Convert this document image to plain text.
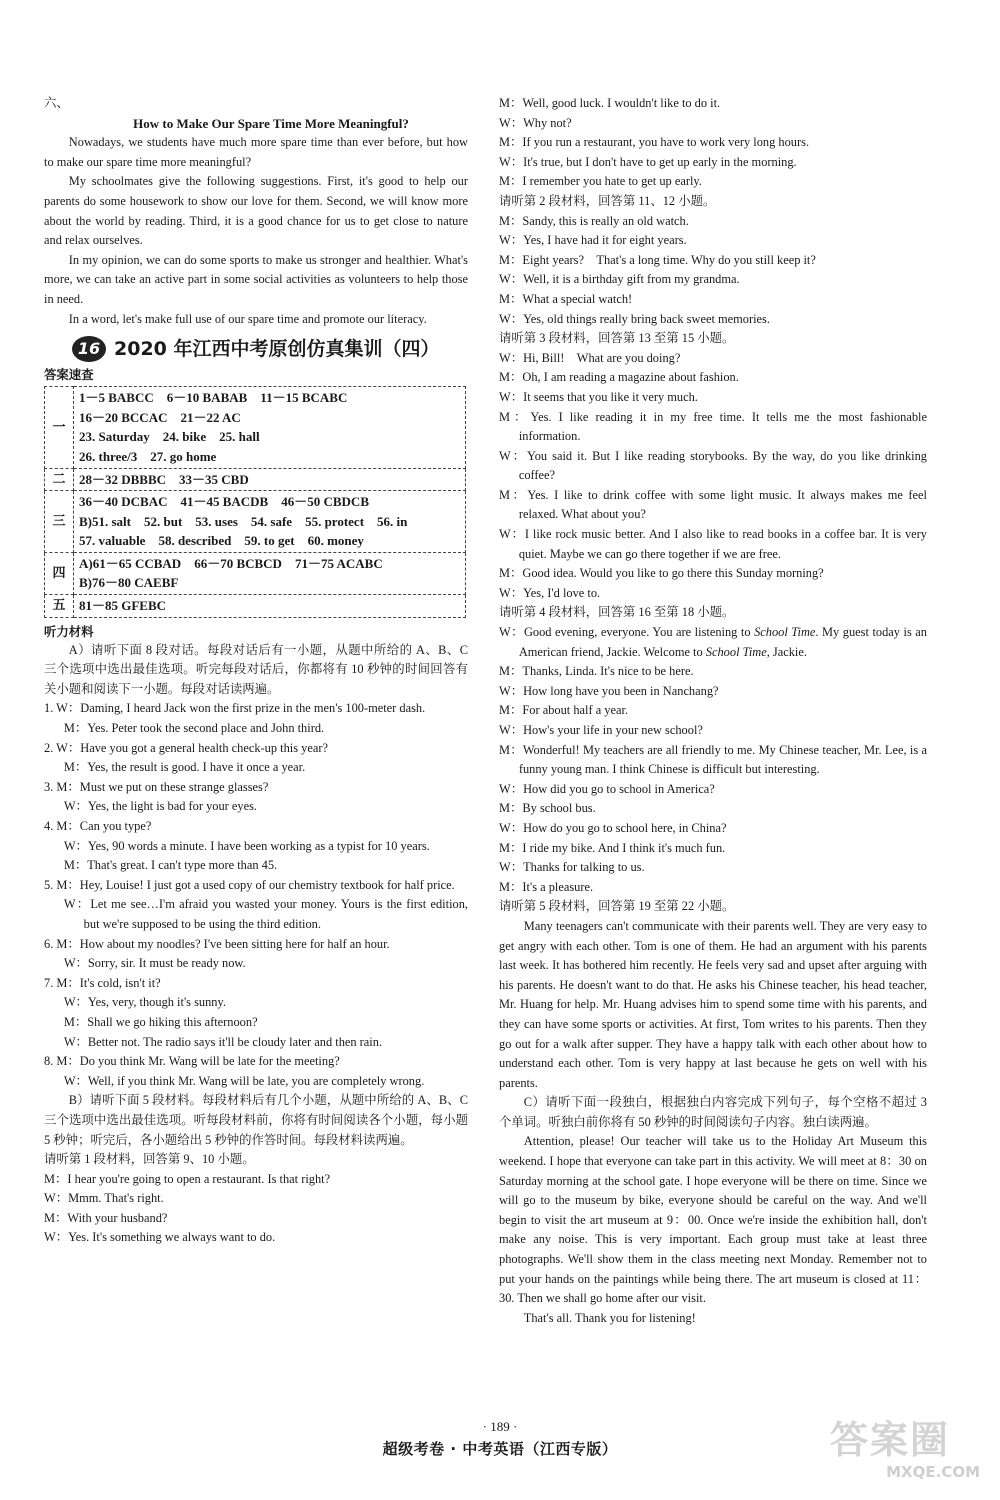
六、

How to Make Our Spare Time More Meaningful?

Nowadays, we students have much more spare time than ever before, but how to make our spare time more meaningful?

My schoolmates give the following suggestions. First, it's good to help our parents do some housework to show our love for them. Second, we will know more about the world by reading. Third, it is a good chance for us to get close to nature and relax ourselves.

In my opinion, we can do some sports to make us stronger and healthier. What's more, we can take an active part in some social activities as volunteers to help those in need.

In a word, let's make full use of our spare time and promote our literacy.

16 2020 年江西中考原创仿真集训（四）
答案速查
一	1－5 BABCC　6－10 BABAB　11－15 BCABC
16－20 BCCAC　21－22 AC
23. Saturday　24. bike　25. hall
26. three/3　27. go home

二	28－32 DBBBC　33－35 CBD

三	36－40 DCBAC　41－45 BACDB　46－50 CBDCB
B)51. salt　52. but　53. uses　54. safe　55. protect　56. in
57. valuable　58. described　59. to get　60. money

四	A)61－65 CCBAD　66－70 BCBCD　71－75 ACABC
B)76－80 CAEBF

五	81－85 GFEBC
听力材料

A）请听下面 8 段对话。每段对话后有一小题，从题中所给的 A、B、C 三个选项中选出最佳选项。听完每段对话后，你都将有 10 秒钟的时间回答有关小题和阅读下一小题。每段对话读两遍。

1. W：Daming, I heard Jack won the first prize in the men's 100-meter dash.

M：Yes. Peter took the second place and John third.

2. W：Have you got a general health check-up this year?

M：Yes, the result is good. I have it once a year.

3. M：Must we put on these strange glasses?

W：Yes, the light is bad for your eyes.

4. M：Can you type?

W：Yes, 90 words a minute. I have been working as a typist for 10 years.

M：That's great. I can't type more than 45.

5. M：Hey, Louise! I just got a used copy of our chemistry textbook for half price.

W：Let me see…I'm afraid you wasted your money. Yours is the first edition, but we're supposed to be using the third edition.

6. M：How about my noodles? I've been sitting here for half an hour.

W：Sorry, sir. It must be ready now.

7. M：It's cold, isn't it?

W：Yes, very, though it's sunny.

M：Shall we go hiking this afternoon?

W：Better not. The radio says it'll be cloudy later and then rain.

8. M：Do you think Mr. Wang will be late for the meeting?

W：Well, if you think Mr. Wang will be late, you are completely wrong.

B）请听下面 5 段材料。每段材料后有几个小题，从题中所给的 A、B、C 三个选项中选出最佳选项。听每段材料前，你将有时间阅读各个小题，每小题 5 秒钟；听完后，各小题给出 5 秒钟的作答时间。每段材料读两遍。

请听第 1 段材料，回答第 9、10 小题。

M：I hear you're going to open a restaurant. Is that right?

W：Mmm. That's right.

M：With your husband?

W：Yes. It's something we always want to do.

M：Well, good luck. I wouldn't like to do it.

W：Why not?

M：If you run a restaurant, you have to work very long hours.

W：It's true, but I don't have to get up early in the morning.

M：I remember you hate to get up early.

请听第 2 段材料，回答第 11、12 小题。

M：Sandy, this is really an old watch.

W：Yes, I have had it for eight years.

M：Eight years?　That's a long time. Why do you still keep it?

W：Well, it is a birthday gift from my grandma.

M：What a special watch!

W：Yes, old things really bring back sweet memories.

请听第 3 段材料，回答第 13 至第 15 小题。

W：Hi, Bill!　What are you doing?

M：Oh, I am reading a magazine about fashion.

W：It seems that you like it very much.

M：Yes. I like reading it in my free time. It tells me the most fashionable information.

W：You said it. But I like reading storybooks. By the way, do you like drinking coffee?

M：Yes. I like to drink coffee with some light music. It always makes me feel relaxed. What about you?

W：I like rock music better. And I also like to read books in a coffee bar. It is very quiet. Maybe we can go there together if we are free.

M：Good idea. Would you like to go there this Sunday morning?

W：Yes, I'd love to.

请听第 4 段材料，回答第 16 至第 18 小题。

W：Good evening, everyone. You are listening to School Time. My guest today is an American friend, Jackie. Welcome to School Time, Jackie.

M：Thanks, Linda. It's nice to be here.

W：How long have you been in Nanchang?

M：For about half a year.

W：How's your life in your new school?

M：Wonderful! My teachers are all friendly to me. My Chinese teacher, Mr. Lee, is a funny young man. I think Chinese is difficult but interesting.

W：How did you go to school in America?

M：By school bus.

W：How do you go to school here, in China?

M：I ride my bike. And I think it's much fun.

W：Thanks for talking to us.

M：It's a pleasure.

请听第 5 段材料，回答第 19 至第 22 小题。

Many teenagers can't communicate with their parents well. They are very easy to get angry with each other. Tom is one of them. He had an argument with his parents last week. It has bothered him recently. He feels very sad and upset after arguing with his parents. He doesn't want to do that. He asks his Chinese teacher, his head teacher, Mr. Huang for help. Mr. Huang advises him to spend some time with his parents, and they can have some sports or activities. At first, Tom writes to his parents. Then they go out for a walk after supper. They have a happy talk with each other about how to understand each other. Tom is very happy at last because he gets on well with his parents.

C）请听下面一段独白，根据独白内容完成下列句子，每个空格不超过 3 个单词。听独白前你将有 50 秒钟的时间阅读句子内容。独白读两遍。

Attention, please! Our teacher will take us to the Holiday Art Museum this weekend. I hope that everyone can take part in this activity. We will meet at 8：30 on Saturday morning at the school gate. I hope everyone will be there on time. Since we will go to the museum by bike, everyone should be careful on the way. And we'll begin to visit the art museum at 9：00. Once we're inside the exhibition hall, don't make any noise. This is very important. Each group must take at least three photographs. We'll show them in the class meeting next Monday. Remember not to put your hands on the paintings while being there. The art museum is closed at 11：30. Then we shall go home after our visit.

That's all. Thank you for listening!

· 189 ·
超级考卷 · 中考英语（江西专版）	答案圈
MXQE.COM
